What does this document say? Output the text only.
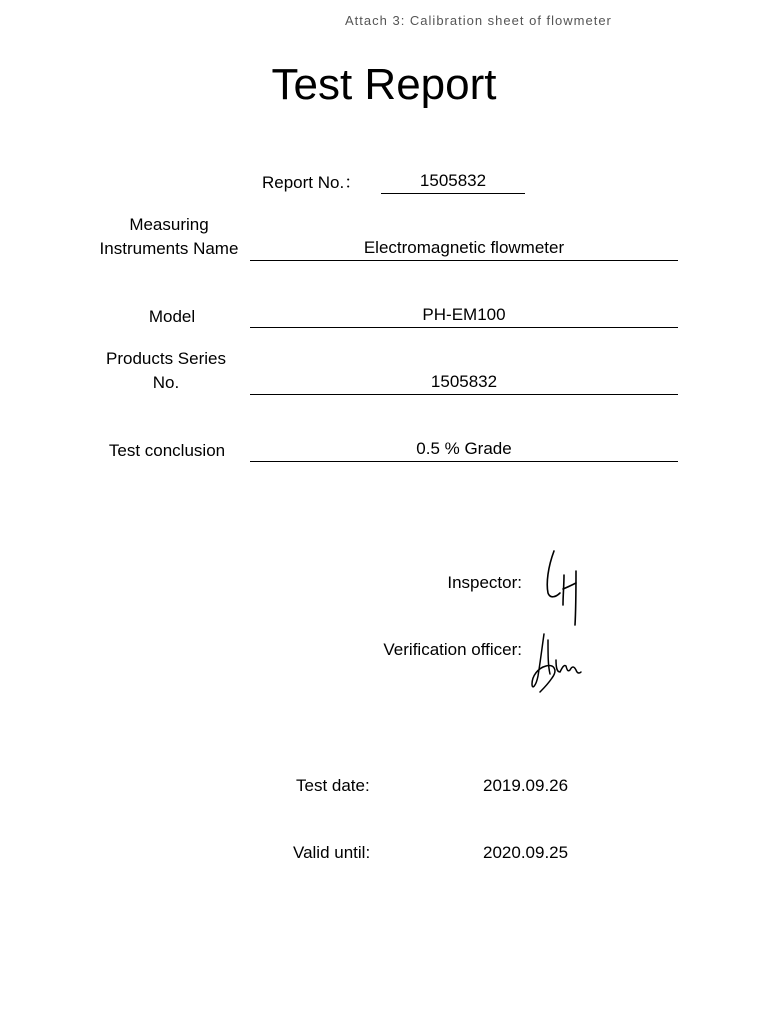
Attach 3: Calibration sheet of flowmeter
Test Report
Report No.：	1505832
Measuring Instruments Name	Electromagnetic flowmeter
Model	PH-EM100
Products Series No.	1505832
Test conclusion	0.5 % Grade
Inspector:
Verification officer:
Test date:	2019.09.26
Valid until:	2020.09.25
